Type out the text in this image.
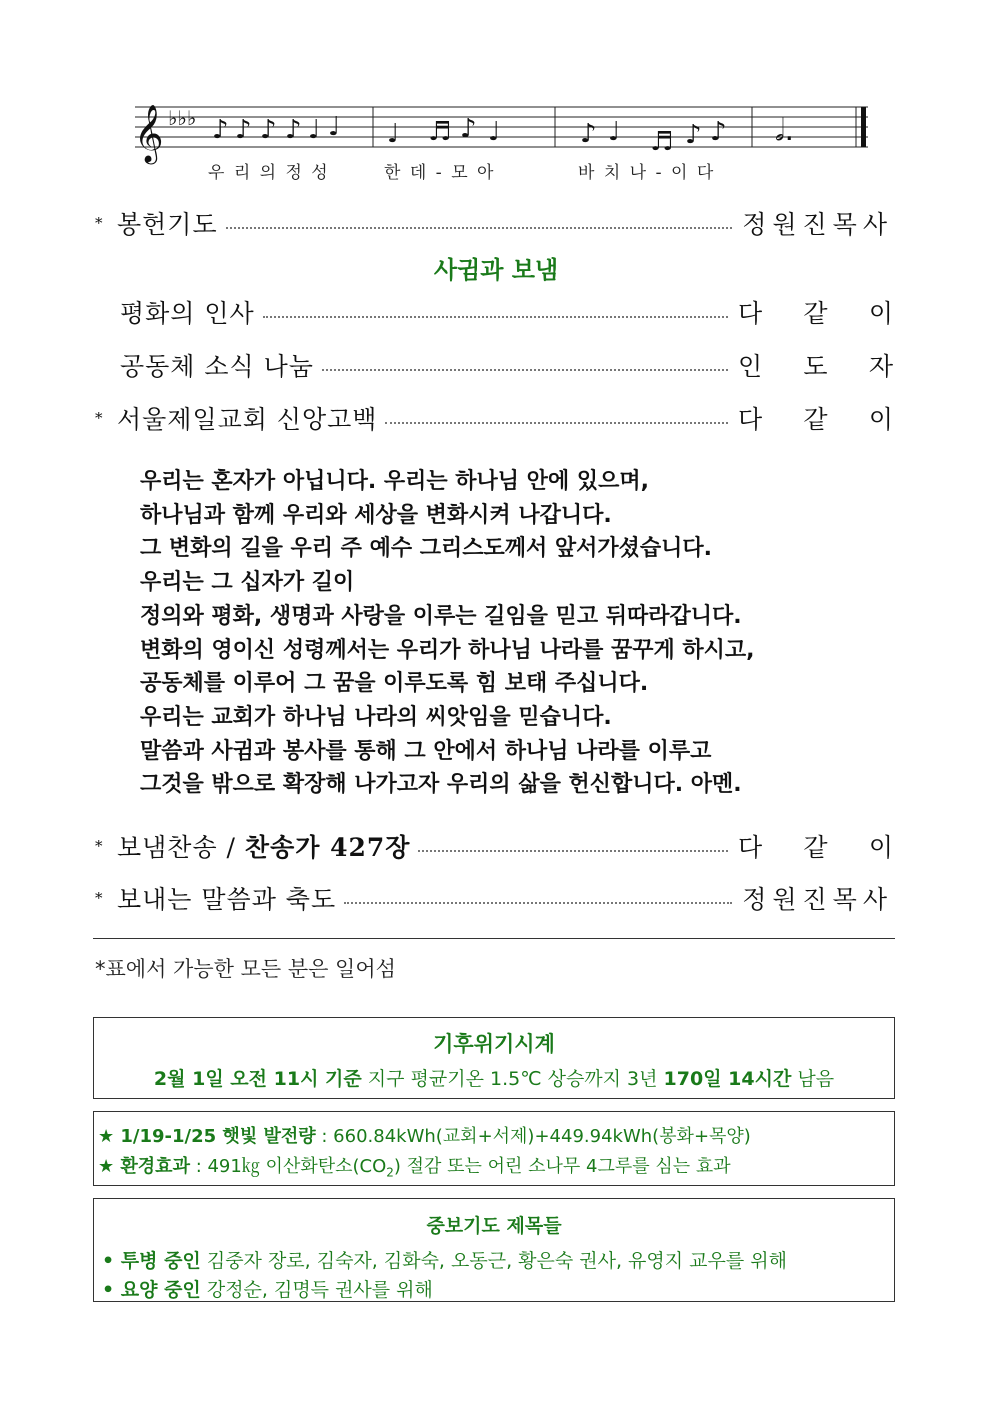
𝄞 ♭♭♭ ♪ ♪ ♪ ♪ ♩ ♩ ♩ ♬ ♪ ♩	♪ ♩ ♬ ♪ ♪ 𝅗𝅥.
우 리 의 정 성	한 데 - 모 아	바 치 나 - 이 다
* 봉헌기도	정원진목사
사귐과 보냄
평화의 인사	다 같 이
공동체 소식 나눔	인 도 자
* 서울제일교회 신앙고백	다 같 이
우리는 혼자가 아닙니다. 우리는 하나님 안에 있으며,
하나님과 함께 우리와 세상을 변화시켜 나갑니다.
그 변화의 길을 우리 주 예수 그리스도께서 앞서가셨습니다.
우리는 그 십자가 길이
정의와 평화, 생명과 사랑을 이루는 길임을 믿고 뒤따라갑니다.
변화의 영이신 성령께서는 우리가 하나님 나라를 꿈꾸게 하시고,
공동체를 이루어 그 꿈을 이루도록 힘 보태 주십니다.
우리는 교회가 하나님 나라의 씨앗임을 믿습니다.
말씀과 사귐과 봉사를 통해 그 안에서 하나님 나라를 이루고
그것을 밖으로 확장해 나가고자 우리의 삶을 헌신합니다. 아멘.
* 보냄찬송 / 찬송가 427장	다 같 이
* 보내는 말씀과 축도	정원진목사
*표에서 가능한 모든 분은 일어섬
기후위기시계
2월 1일 오전 11시 기준 지구 평균기온 1.5℃ 상승까지 3년 170일 14시간 남음
★ 1/19-1/25 햇빛 발전량 : 660.84kWh(교회+서제)+449.94kWh(봉화+목양)
★ 환경효과 : 491㎏ 이산화탄소$(CO_2)$ 절감 또는 어린 소나무 4그루를 심는 효과
중보기도 제목들
• 투병 중인 김중자 장로, 김숙자, 김화숙, 오동근, 황은숙 권사, 유영지 교우를 위해
• 요양 중인 강정순, 김명득 권사를 위해
